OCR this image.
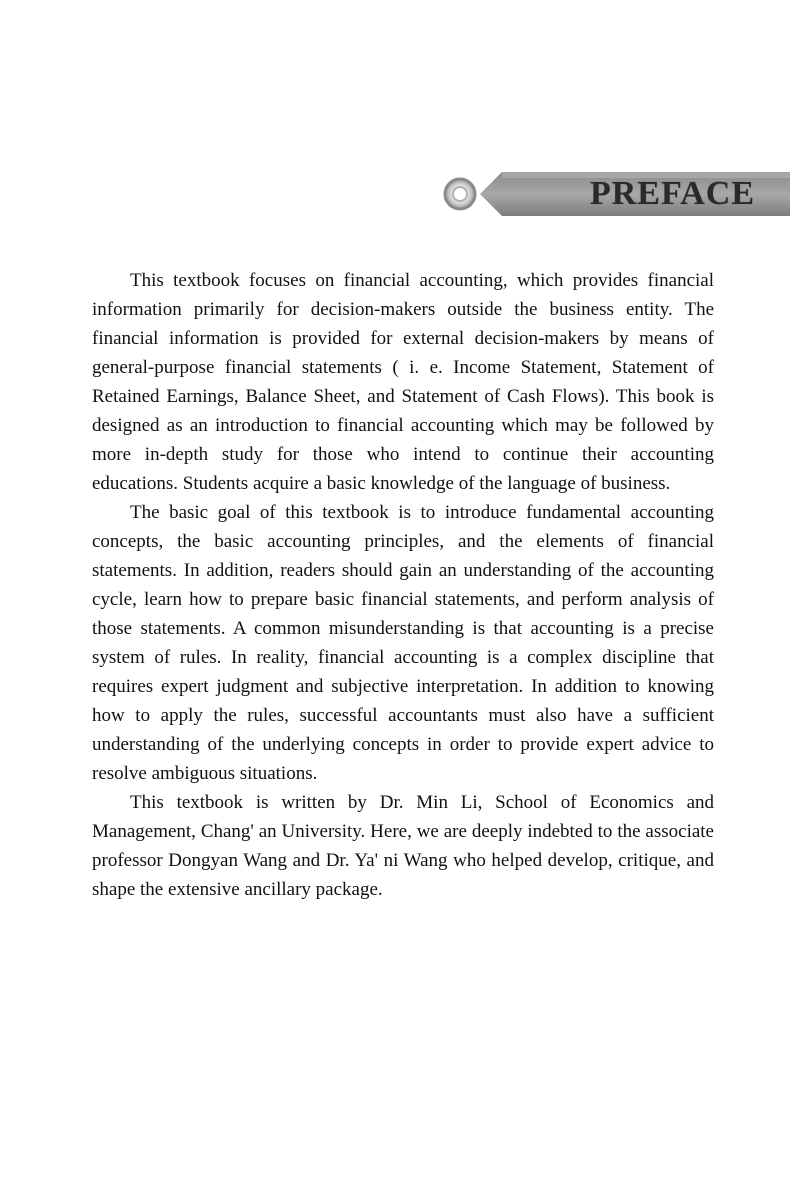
PREFACE

This textbook focuses on financial accounting, which provides financial information primarily for decision-makers outside the business entity. The financial information is provided for external decision-makers by means of general-purpose financial statements ( i. e. Income Statement, Statement of Retained Earnings, Balance Sheet, and Statement of Cash Flows). This book is designed as an introduction to financial accounting which may be followed by more in-depth study for those who intend to continue their accounting educations. Students acquire a basic knowledge of the language of business.

The basic goal of this textbook is to introduce fundamental accounting concepts, the basic accounting principles, and the elements of financial statements. In addition, readers should gain an understanding of the accounting cycle, learn how to prepare basic financial statements, and perform analysis of those statements. A common misunderstanding is that accounting is a precise system of rules. In reality, financial accounting is a complex discipline that requires expert judgment and subjective interpretation. In addition to knowing how to apply the rules, successful accountants must also have a sufficient understanding of the underlying concepts in order to provide expert advice to resolve ambiguous situations.

This textbook is written by Dr. Min Li, School of Economics and Management, Chang' an University. Here, we are deeply indebted to the associate professor Dongyan Wang and Dr. Ya' ni Wang who helped develop, critique, and shape the extensive ancillary package.
